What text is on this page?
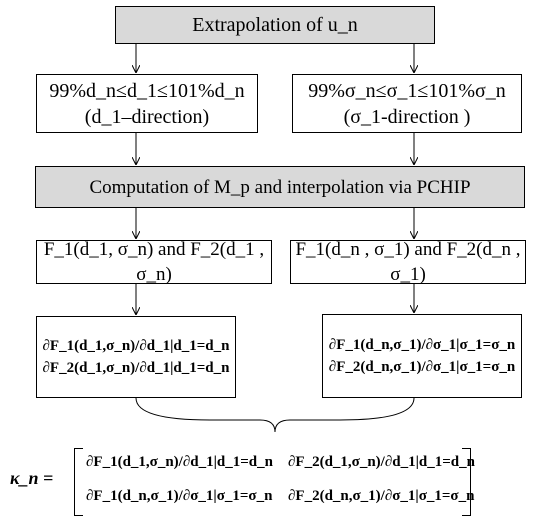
Extrapolation of u_n
99%d_n≤d_1≤101%d_n
(d_1–direction)
99%σ_n≤σ_1≤101%σ_n
(σ_1-direction )
Computation of M_p and interpolation via PCHIP
F_1(d_1, σ_n) and F_2(d_1 , σ_n)
F_1(d_n , σ_1) and F_2(d_n , σ_1)
∂F_1(d_1,σ_n)/∂d_1|d_1=d_n
∂F_2(d_1,σ_n)/∂d_1|d_1=d_n
∂F_1(d_n,σ_1)/∂σ_1|σ_1=σ_n
∂F_2(d_n,σ_1)/∂σ_1|σ_1=σ_n
κ_n =
∂F_1(d_1,σ_n)/∂d_1|d_1=d_n ∂F_2(d_1,σ_n)/∂d_1|d_1=d_n
∂F_1(d_n,σ_1)/∂σ_1|σ_1=σ_n ∂F_2(d_n,σ_1)/∂σ_1|σ_1=σ_n
